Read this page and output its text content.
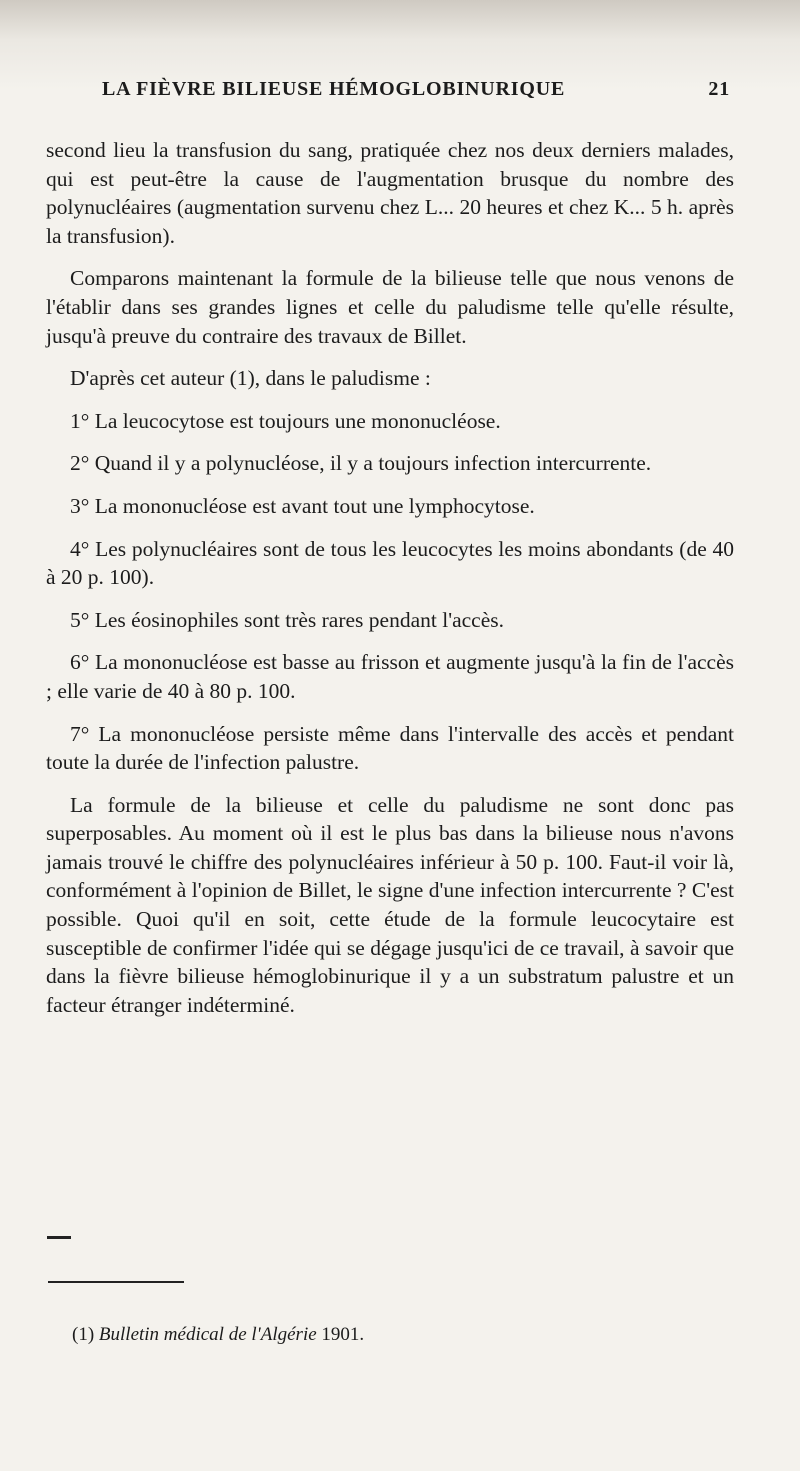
LA FIÈVRE BILIEUSE HÉMOGLOBINURIQUE	21

second lieu la transfusion du sang, pratiquée chez nos deux derniers malades, qui est peut-être la cause de l'augmentation brusque du nombre des polynucléaires (augmentation survenu chez L... 20 heures et chez K... 5 h. après la transfusion).

Comparons maintenant la formule de la bilieuse telle que nous venons de l'établir dans ses grandes lignes et celle du paludisme telle qu'elle résulte, jusqu'à preuve du contraire des travaux de Billet.

D'après cet auteur (1), dans le paludisme :

1° La leucocytose est toujours une mononucléose.

2° Quand il y a polynucléose, il y a toujours infection intercurrente.

3° La mononucléose est avant tout une lymphocytose.

4° Les polynucléaires sont de tous les leucocytes les moins abondants (de 40 à 20 p. 100).

5° Les éosinophiles sont très rares pendant l'accès.

6° La mononucléose est basse au frisson et augmente jusqu'à la fin de l'accès ; elle varie de 40 à 80 p. 100.

7° La mononucléose persiste même dans l'intervalle des accès et pendant toute la durée de l'infection palustre.

La formule de la bilieuse et celle du paludisme ne sont donc pas superposables. Au moment où il est le plus bas dans la bilieuse nous n'avons jamais trouvé le chiffre des polynucléaires inférieur à 50 p. 100. Faut-il voir là, conformément à l'opinion de Billet, le signe d'une infection intercurrente ? C'est possible. Quoi qu'il en soit, cette étude de la formule leucocytaire est susceptible de confirmer l'idée qui se dégage jusqu'ici de ce travail, à savoir que dans la fièvre bilieuse hémoglobinurique il y a un substratum palustre et un facteur étranger indéterminé.

(1) Bulletin médical de l'Algérie 1901.
